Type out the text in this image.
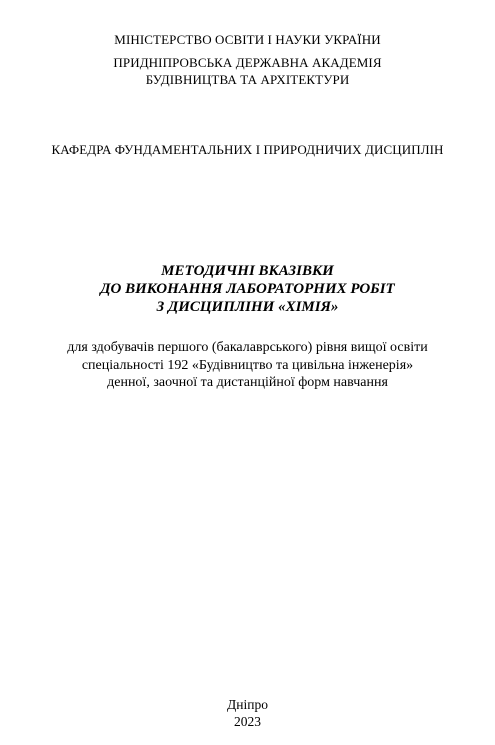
МІНІСТЕРСТВО ОСВІТИ І НАУКИ УКРАЇНИ
ПРИДНІПРОВСЬКА ДЕРЖАВНА АКАДЕМІЯ
БУДІВНИЦТВА ТА АРХІТЕКТУРИ
КАФЕДРА ФУНДАМЕНТАЛЬНИХ І ПРИРОДНИЧИХ ДИСЦИПЛІН
МЕТОДИЧНІ ВКАЗІВКИ
ДО ВИКОНАННЯ ЛАБОРАТОРНИХ РОБІТ
З ДИСЦИПЛІНИ «ХІМІЯ»
для здобувачів першого (бакалаврського) рівня вищої освіти
спеціальності 192 «Будівництво та цивільна інженерія»
денної, заочної та дистанційної форм навчання
Дніпро
2023
